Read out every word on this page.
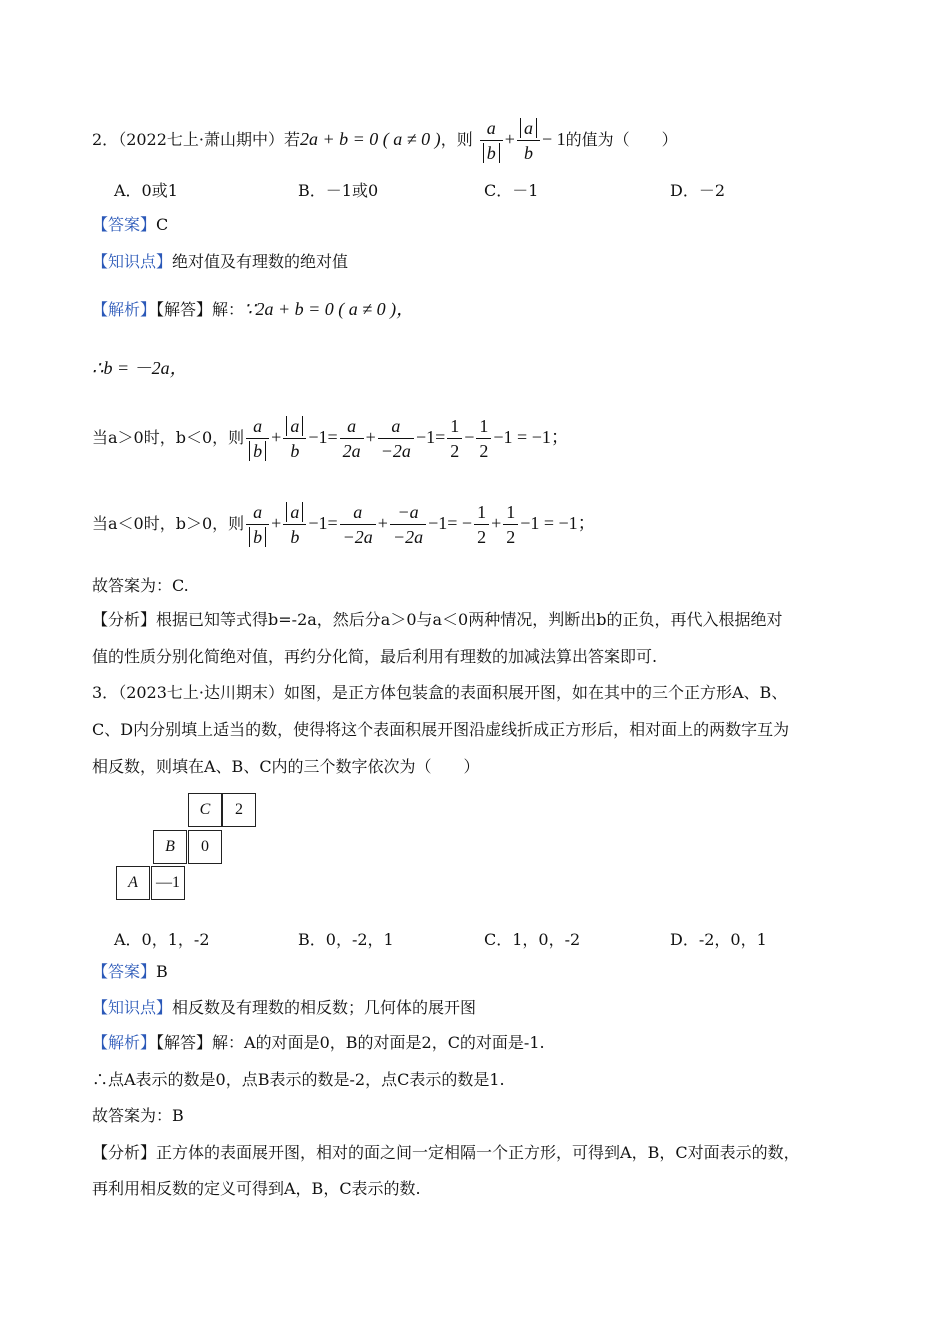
2．（2022七上·萧山期中）若2a + b = 0 ( a ≠ 0 )，则 $\frac{a}{b} + \frac{a}{b} - 1$的值为（　　）
A．0或1	B．－1或0	C．－1	D．－2
【答案】C
【知识点】绝对值及有理数的绝对值
【解析】【解答】解：∵2a + b = 0 ( a ≠ 0 )，
∴b = －2a，
当a＞0时，b＜0，则 $\frac{a}{b} + \frac{a}{b} -1= \frac{a}{2a} + \frac{a}{-2a} -1= \frac{1}{2} - \frac{1}{2} -1 = -1$；
当a＜0时，b＞0，则 $\frac{a}{b} + \frac{a}{b} -1= \frac{a}{-2a} + \frac{-a}{-2a} -1= - \frac{1}{2} + \frac{1}{2} -1 = -1$；
故答案为：C.
【分析】根据已知等式得b=-2a，然后分a＞0与a＜0两种情况，判断出b的正负，再代入根据绝对
值的性质分别化简绝对值，再约分化简，最后利用有理数的加减法算出答案即可.
3．（2023七上·达川期末）如图，是正方体包装盒的表面积展开图，如在其中的三个正方形A、B、
C、D内分别填上适当的数，使得将这个表面积展开图沿虚线折成正方形后，相对面上的两数字互为
相反数，则填在A、B、C内的三个数字依次为（　　）
C	2
B	0
A	—1
A．0，1，-2	B．0，-2，1	C．1，0，-2	D．-2，0，1
【答案】B
【知识点】相反数及有理数的相反数；几何体的展开图
【解析】【解答】解：A的对面是0，B的对面是2，C的对面是-1.
∴点A表示的数是0，点B表示的数是-2，点C表示的数是1.
故答案为：B
【分析】正方体的表面展开图，相对的面之间一定相隔一个正方形，可得到A，B，C对面表示的数，
再利用相反数的定义可得到A，B，C表示的数.
